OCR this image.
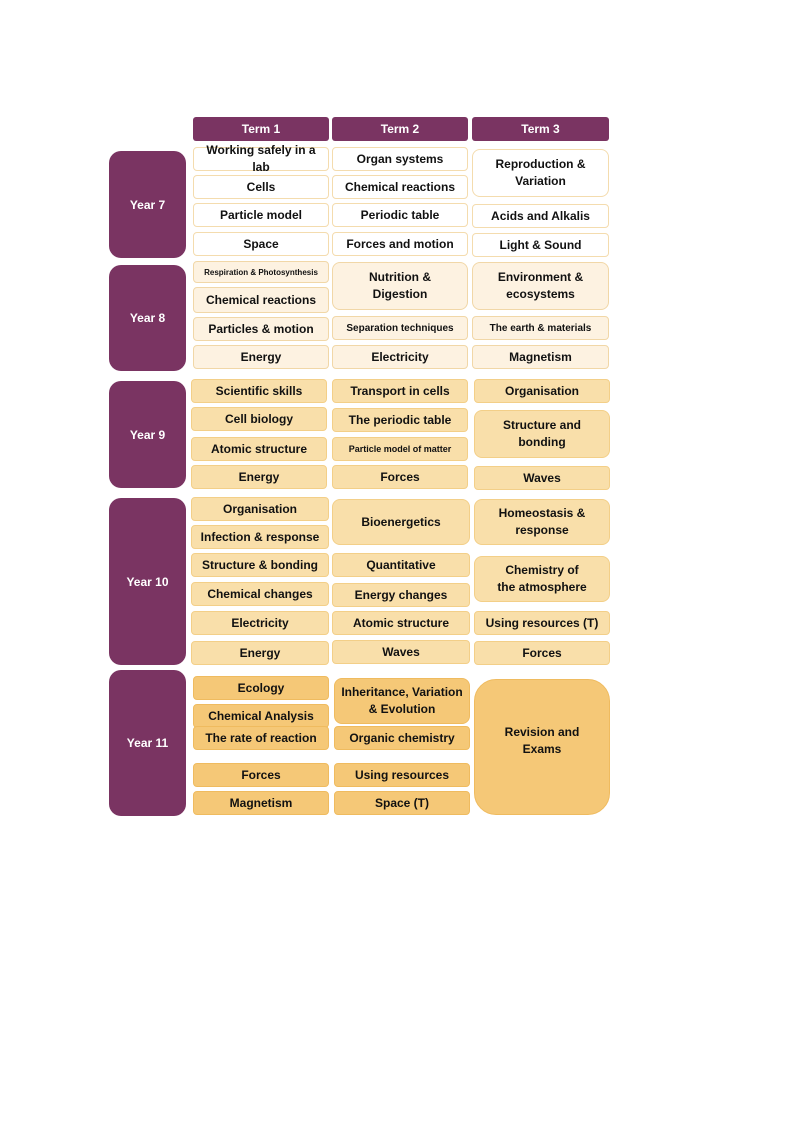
Term 1	Term 2	Term 3
Year 7
Year 8
Year 9
Year 10
Year 11
Working safely in a lab
Cells
Particle model
Space
Organ systems
Chemical reactions
Periodic table
Forces and motion
Reproduction & Variation
Acids and Alkalis
Light & Sound
Respiration & Photosynthesis
Chemical reactions
Particles & motion
Energy
Nutrition & Digestion
Separation techniques
Electricity
Environment & ecosystems
The earth & materials
Magnetism
Scientific skills
Cell biology
Atomic structure
Energy
Transport in cells
The periodic table
Particle model of matter
Forces
Organisation
Structure and bonding
Waves
Organisation
Infection & response
Structure & bonding
Chemical changes
Electricity
Energy
Bioenergetics
Quantitative
Energy changes
Atomic structure
Waves
Homeostasis & response
Chemistry of the atmosphere
Using resources (T)
Forces
Ecology
Chemical Analysis
The rate of reaction
Forces
Magnetism
Inheritance, Variation & Evolution
Organic chemistry
Using resources
Space (T)
Revision and Exams
